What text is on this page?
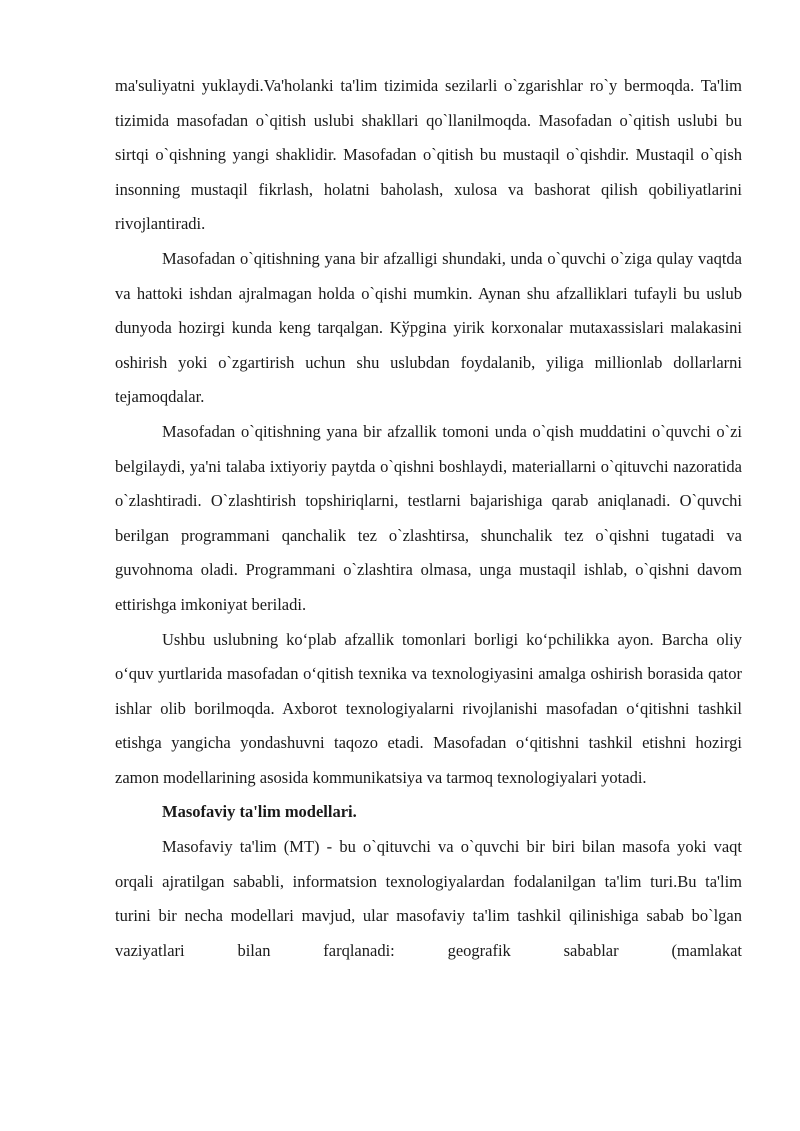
ma'suliyatni yuklaydi.Va'holanki ta'lim tizimida sezilarli o`zgarishlar ro`y bermoqda. Ta'lim tizimida masofadan o`qitish uslubi shakllari qo`llanilmoqda. Masofadan o`qitish uslubi bu sirtqi o`qishning yangi shaklidir. Masofadan o`qitish bu mustaqil o`qishdir. Mustaqil o`qish insonning mustaqil fikrlash, holatni baholash, xulosa va bashorat qilish qobiliyatlarini rivojlantiradi.

Masofadan o`qitishning yana bir afzalligi shundaki, unda o`quvchi o`ziga qulay vaqtda va hattoki ishdan ajralmagan holda o`qishi mumkin. Aynan shu afzalliklari tufayli bu uslub dunyoda hozirgi kunda keng tarqalgan. Kўpgina yirik korxonalar mutaxassislari malakasini oshirish yoki o`zgartirish uchun shu uslubdan foydalanib, yiliga millionlab dollarlarni tejamoqdalar.

Masofadan o`qitishning yana bir afzallik tomoni unda o`qish muddatini o`quvchi o`zi belgilaydi, ya'ni talaba ixtiyoriy paytda o`qishni boshlaydi, materiallarni o`qituvchi nazoratida o`zlashtiradi. O`zlashtirish topshiriqlarni, testlarni bajarishiga qarab aniqlanadi. O`quvchi berilgan programmani qanchalik tez o`zlashtirsa, shunchalik tez o`qishni tugatadi va guvohnoma oladi. Programmani o`zlashtira olmasa, unga mustaqil ishlab, o`qishni davom ettirishga imkoniyat beriladi.

Ushbu uslubning ko‘plab afzallik tomonlari borligi ko‘pchilikka ayon. Barcha oliy o‘quv yurtlarida masofadan o‘qitish texnika va texnologiyasini amalga oshirish borasida qator ishlar olib borilmoqda. Axborot texnologiyalarni rivojlanishi masofadan o‘qitishni tashkil etishga yangicha yondashuvni taqozo etadi. Masofadan o‘qitishni tashkil etishni hozirgi zamon modellarining asosida kommunikatsiya va tarmoq texnologiyalari yotadi.

Masofaviy ta'lim modellari.

Masofaviy ta'lim (MT) - bu o`qituvchi va o`quvchi bir biri bilan masofa yoki vaqt orqali ajratilgan sababli, informatsion texnologiyalardan fodalanilgan ta'lim turi.Bu ta'lim turini bir necha modellari mavjud, ular masofaviy ta'lim tashkil qilinishiga sabab bo`lgan vaziyatlari bilan farqlanadi: geografik sabablar (mamlakat
